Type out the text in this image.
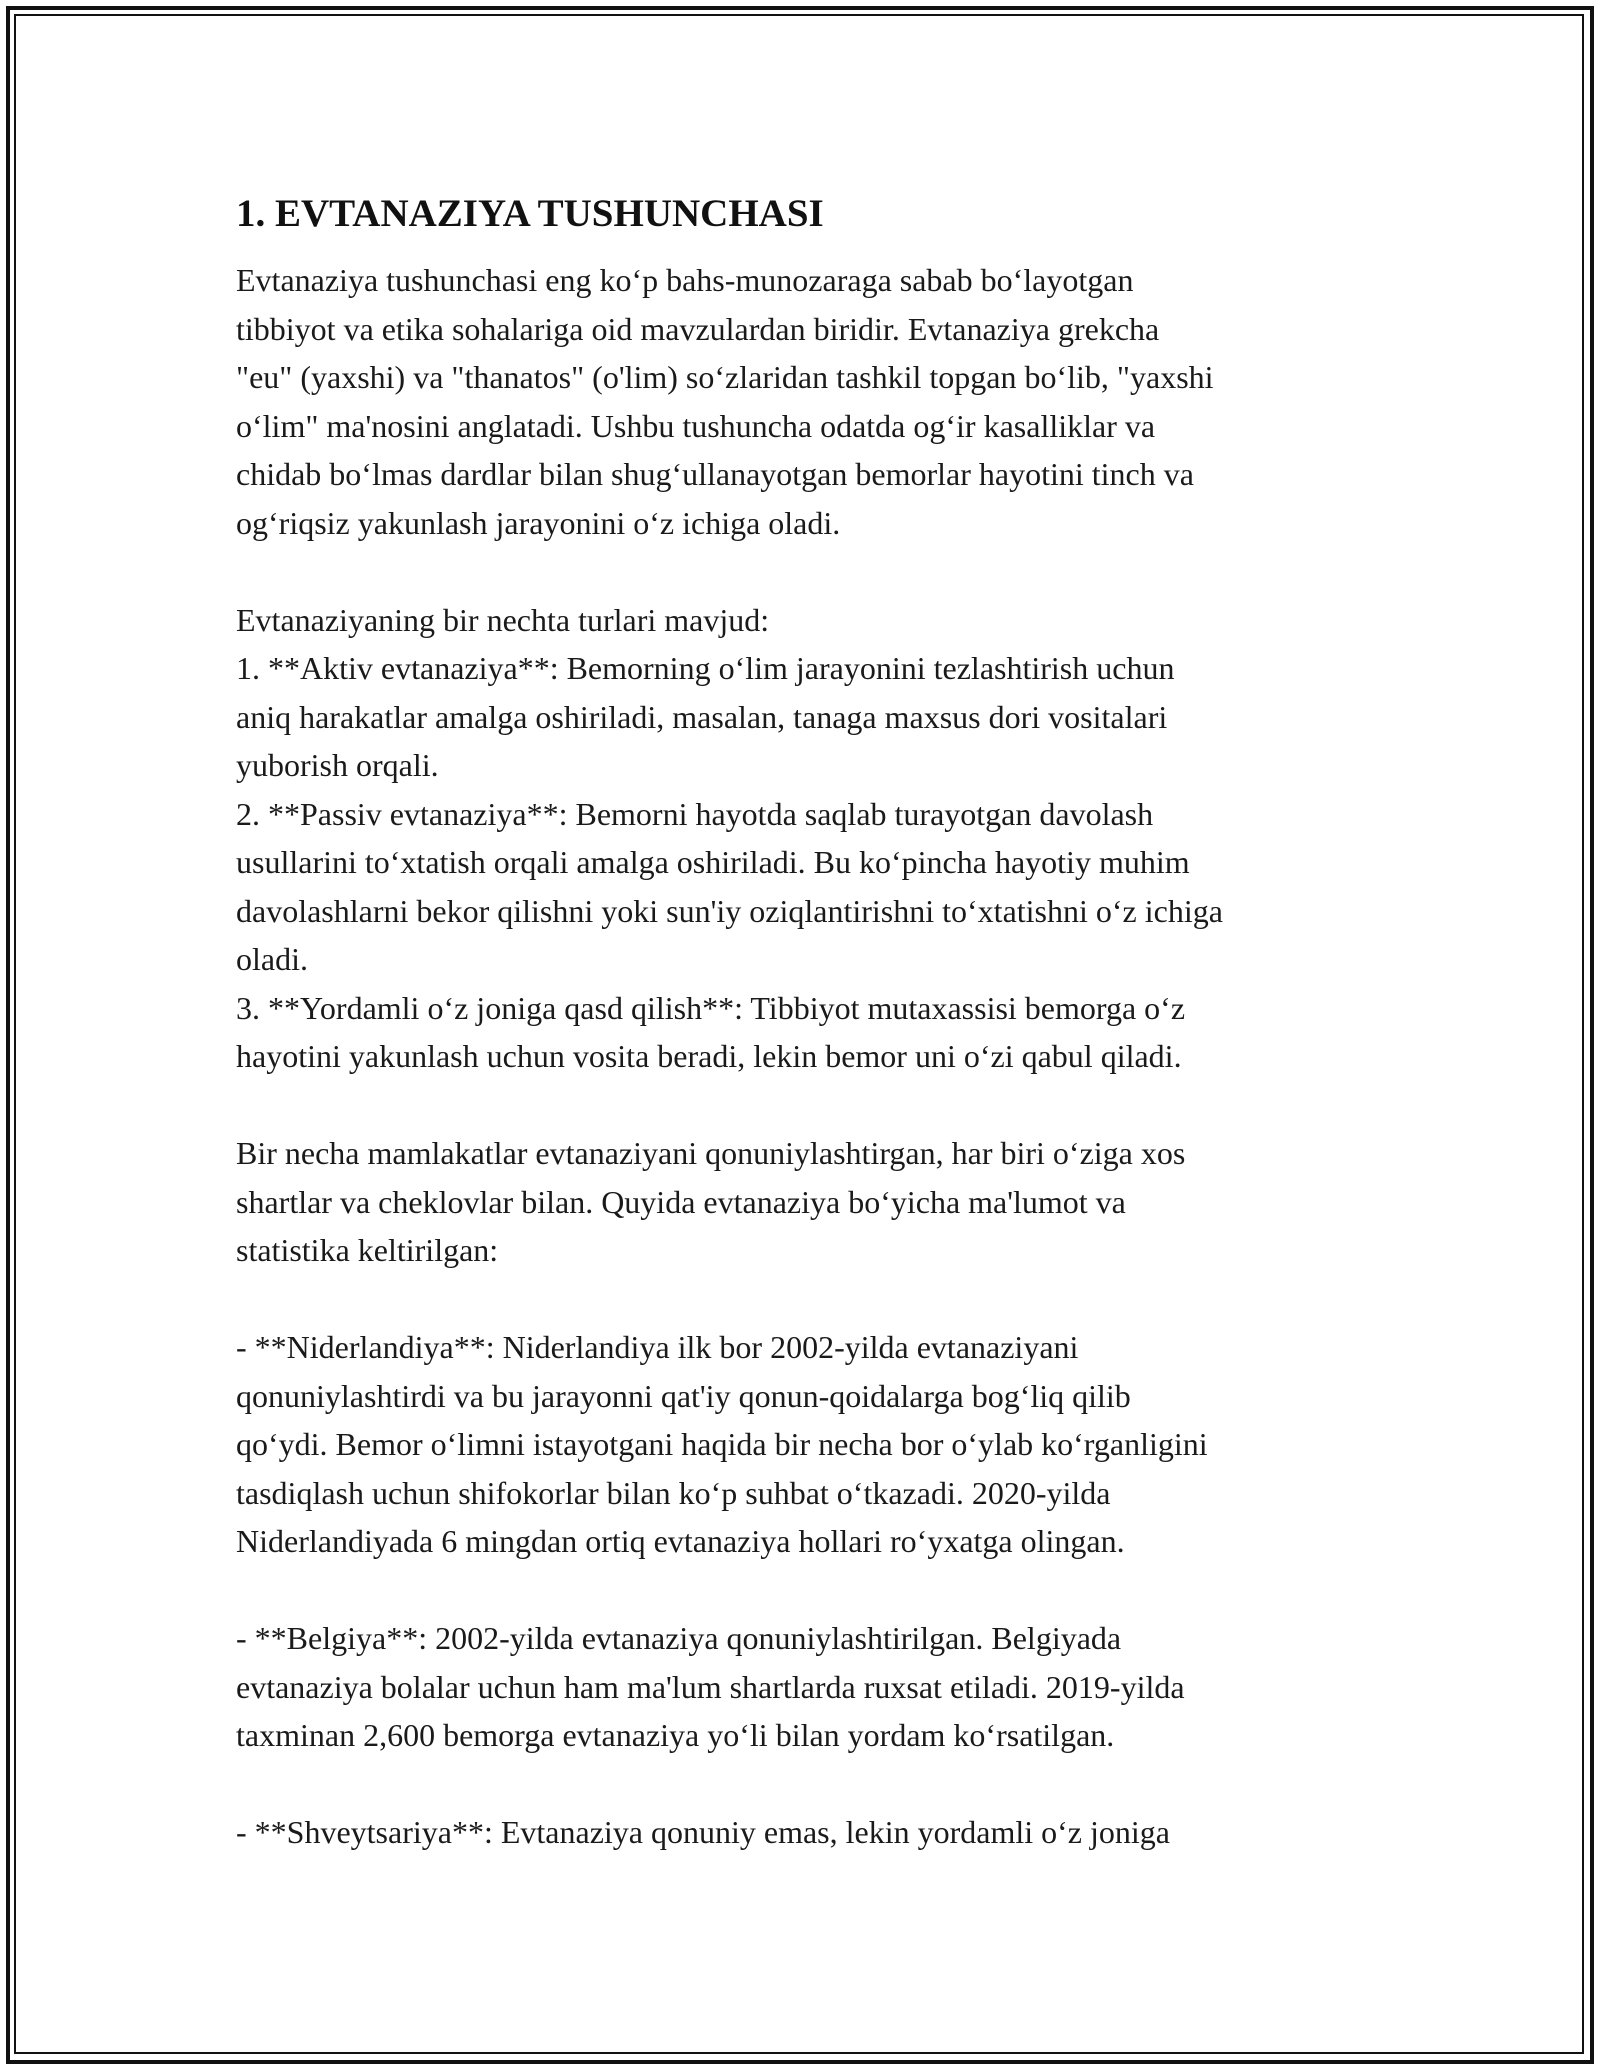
1. EVTANAZIYA TUSHUNCHASI

Evtanaziya tushunchasi eng ko‘p bahs-munozaraga sabab bo‘layotgan
tibbiyot va etika sohalariga oid mavzulardan biridir. Evtanaziya grekcha
"eu" (yaxshi) va "thanatos" (o'lim) so‘zlaridan tashkil topgan bo‘lib, "yaxshi
o‘lim" ma'nosini anglatadi. Ushbu tushuncha odatda og‘ir kasalliklar va
chidab bo‘lmas dardlar bilan shug‘ullanayotgan bemorlar hayotini tinch va
og‘riqsiz yakunlash jarayonini o‘z ichiga oladi.

Evtanaziyaning bir nechta turlari mavjud:
1. **Aktiv evtanaziya**: Bemorning o‘lim jarayonini tezlashtirish uchun
aniq harakatlar amalga oshiriladi, masalan, tanaga maxsus dori vositalari
yuborish orqali.
2. **Passiv evtanaziya**: Bemorni hayotda saqlab turayotgan davolash
usullarini to‘xtatish orqali amalga oshiriladi. Bu ko‘pincha hayotiy muhim
davolashlarni bekor qilishni yoki sun'iy oziqlantirishni to‘xtatishni o‘z ichiga
oladi.
3. **Yordamli o‘z joniga qasd qilish**: Tibbiyot mutaxassisi bemorga o‘z
hayotini yakunlash uchun vosita beradi, lekin bemor uni o‘zi qabul qiladi.

Bir necha mamlakatlar evtanaziyani qonuniylashtirgan, har biri o‘ziga xos
shartlar va cheklovlar bilan. Quyida evtanaziya bo‘yicha ma'lumot va
statistika keltirilgan:

- **Niderlandiya**: Niderlandiya ilk bor 2002-yilda evtanaziyani
qonuniylashtirdi va bu jarayonni qat'iy qonun-qoidalarga bog‘liq qilib
qo‘ydi. Bemor o‘limni istayotgani haqida bir necha bor o‘ylab ko‘rganligini
tasdiqlash uchun shifokorlar bilan ko‘p suhbat o‘tkazadi. 2020-yilda
Niderlandiyada 6 mingdan ortiq evtanaziya hollari ro‘yxatga olingan.

- **Belgiya**: 2002-yilda evtanaziya qonuniylashtirilgan. Belgiyada
evtanaziya bolalar uchun ham ma'lum shartlarda ruxsat etiladi. 2019-yilda
taxminan 2,600 bemorga evtanaziya yo‘li bilan yordam ko‘rsatilgan.

- **Shveytsariya**: Evtanaziya qonuniy emas, lekin yordamli o‘z joniga
